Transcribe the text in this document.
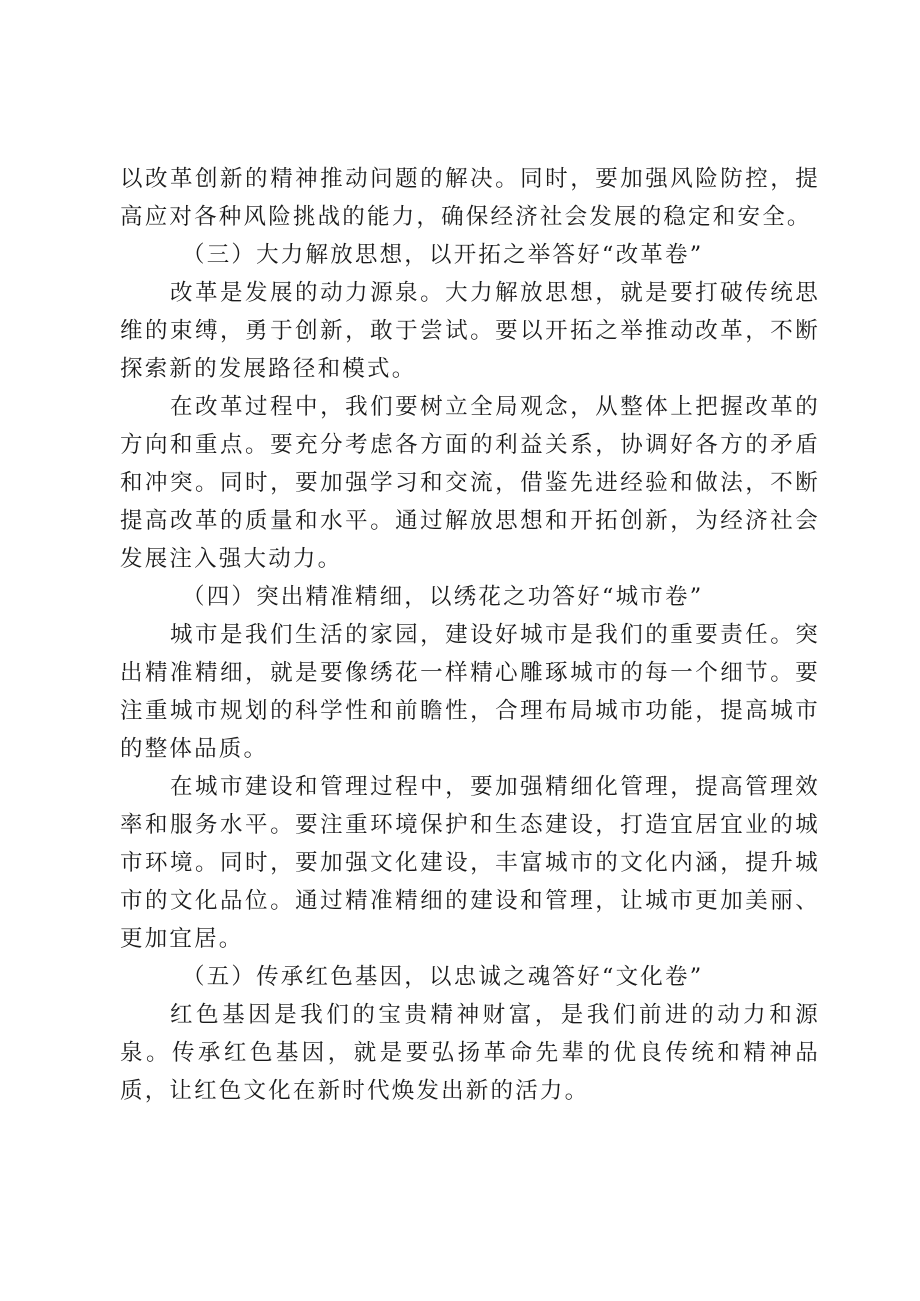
以改革创新的精神推动问题的解决。同时，要加强风险防控，提高应对各种风险挑战的能力，确保经济社会发展的稳定和安全。

（三）大力解放思想，以开拓之举答好“改革卷”

改革是发展的动力源泉。大力解放思想，就是要打破传统思维的束缚，勇于创新，敢于尝试。要以开拓之举推动改革，不断探索新的发展路径和模式。

在改革过程中，我们要树立全局观念，从整体上把握改革的方向和重点。要充分考虑各方面的利益关系，协调好各方的矛盾和冲突。同时，要加强学习和交流，借鉴先进经验和做法，不断提高改革的质量和水平。通过解放思想和开拓创新，为经济社会发展注入强大动力。

（四）突出精准精细，以绣花之功答好“城市卷”

城市是我们生活的家园，建设好城市是我们的重要责任。突出精准精细，就是要像绣花一样精心雕琢城市的每一个细节。要注重城市规划的科学性和前瞻性，合理布局城市功能，提高城市的整体品质。

在城市建设和管理过程中，要加强精细化管理，提高管理效率和服务水平。要注重环境保护和生态建设，打造宜居宜业的城市环境。同时，要加强文化建设，丰富城市的文化内涵，提升城市的文化品位。通过精准精细的建设和管理，让城市更加美丽、更加宜居。

（五）传承红色基因，以忠诚之魂答好“文化卷”

红色基因是我们的宝贵精神财富，是我们前进的动力和源泉。传承红色基因，就是要弘扬革命先辈的优良传统和精神品质，让红色文化在新时代焕发出新的活力。
